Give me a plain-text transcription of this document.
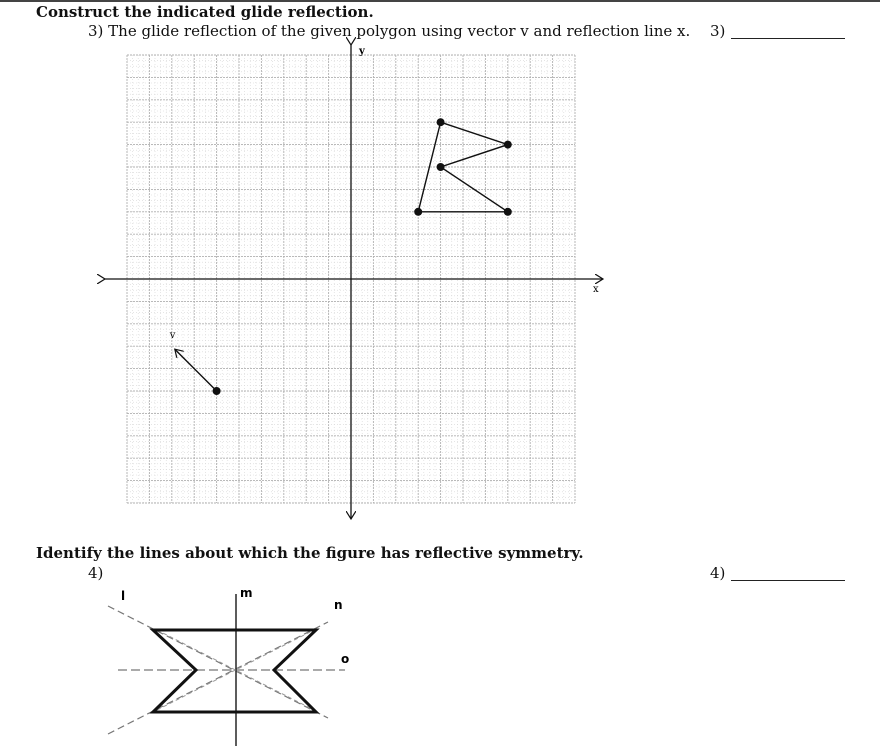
Construct the indicated glide reflection.
3) The glide reflection of the given polygon using vector v and reflection line x. 3)
Identify the lines about which the figure has reflective symmetry.
4)	4)
x
y
v
l	m
n
o
